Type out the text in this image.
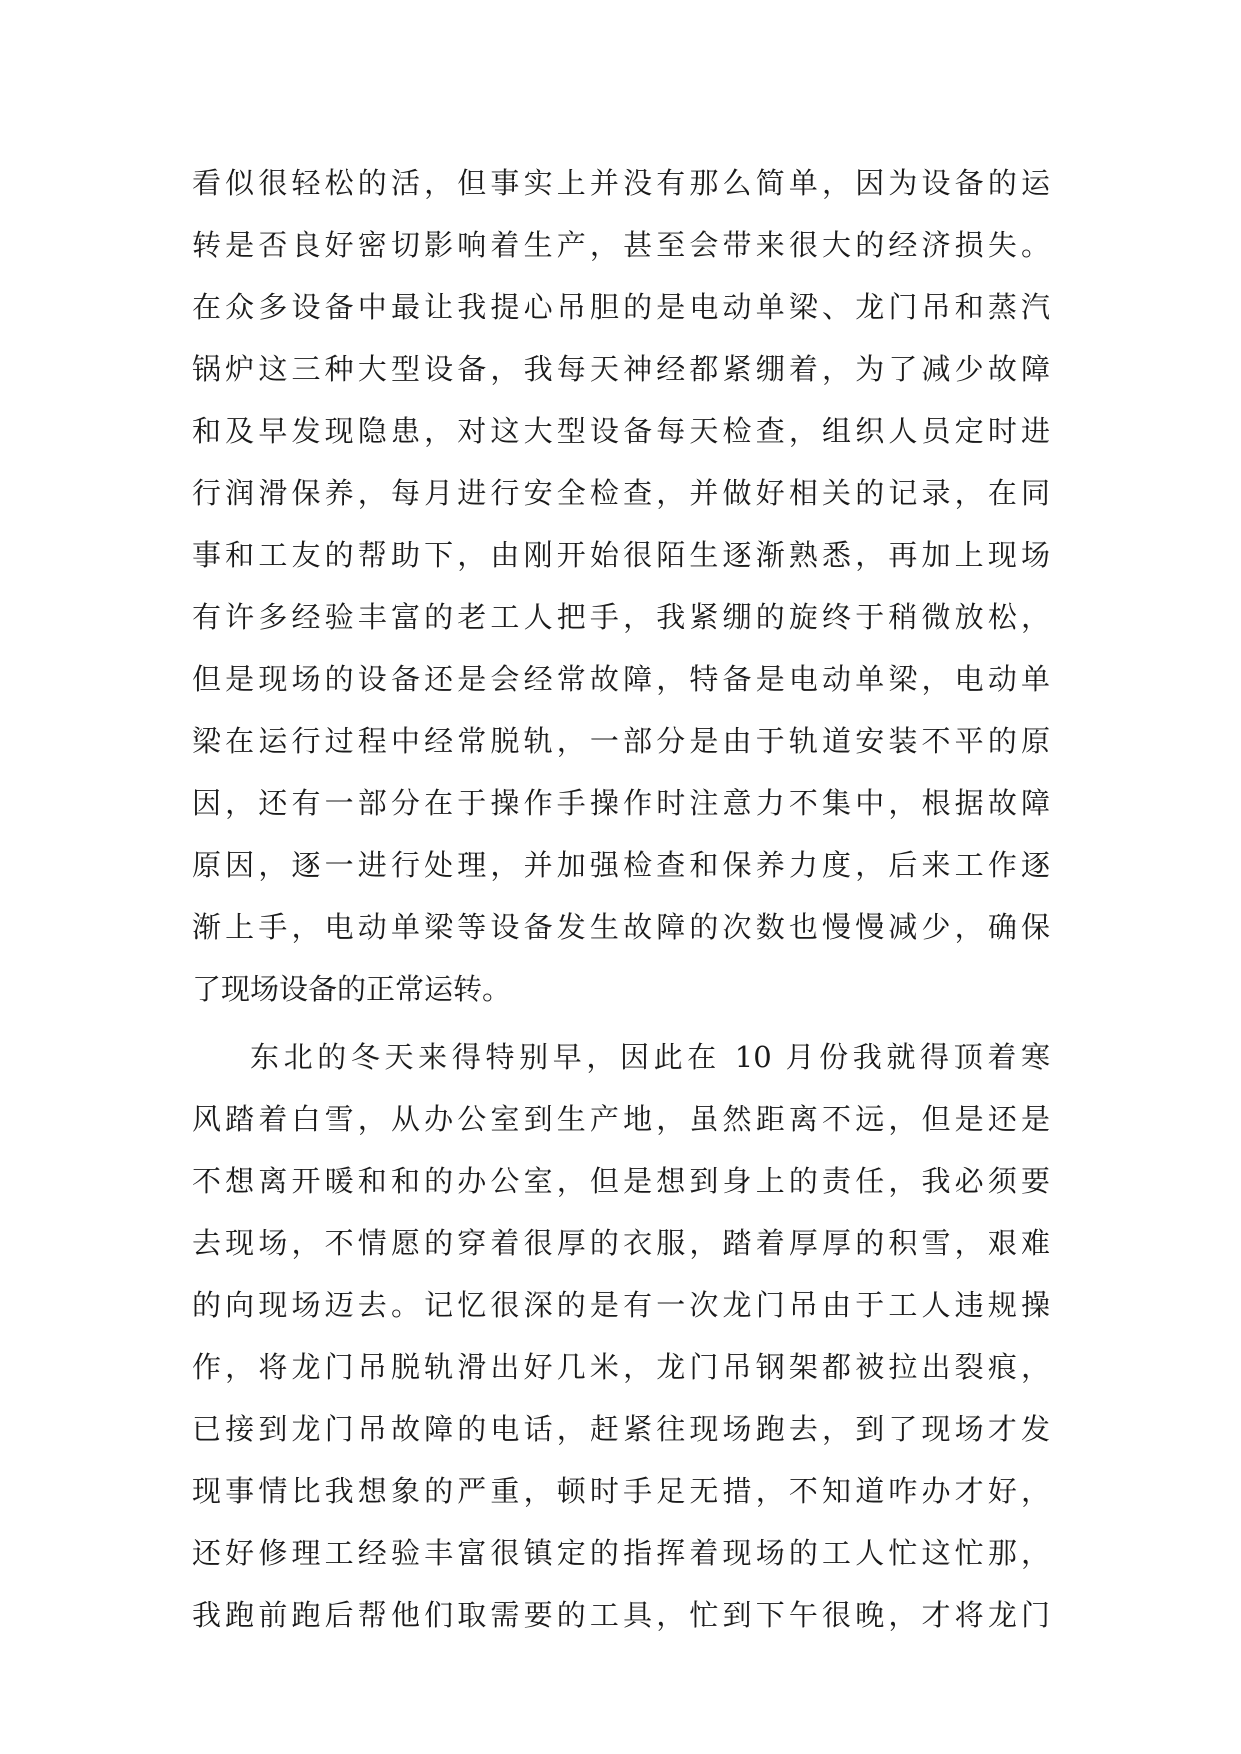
看似很轻松的活，但事实上并没有那么简单，因为设备的运
转是否良好密切影响着生产，甚至会带来很大的经济损失。
在众多设备中最让我提心吊胆的是电动单梁、龙门吊和蒸汽
锅炉这三种大型设备，我每天神经都紧绷着，为了减少故障
和及早发现隐患，对这大型设备每天检查，组织人员定时进
行润滑保养，每月进行安全检查，并做好相关的记录，在同
事和工友的帮助下，由刚开始很陌生逐渐熟悉，再加上现场
有许多经验丰富的老工人把手，我紧绷的旋终于稍微放松，
但是现场的设备还是会经常故障，特备是电动单梁，电动单
梁在运行过程中经常脱轨，一部分是由于轨道安装不平的原
因，还有一部分在于操作手操作时注意力不集中，根据故障
原因，逐一进行处理，并加强检查和保养力度，后来工作逐
渐上手，电动单梁等设备发生故障的次数也慢慢减少，确保
了现场设备的正常运转。
东北的冬天来得特别早，因此在 10 月份我就得顶着寒
风踏着白雪，从办公室到生产地，虽然距离不远，但是还是
不想离开暖和和的办公室，但是想到身上的责任，我必须要
去现场，不情愿的穿着很厚的衣服，踏着厚厚的积雪，艰难
的向现场迈去。记忆很深的是有一次龙门吊由于工人违规操
作，将龙门吊脱轨滑出好几米，龙门吊钢架都被拉出裂痕，
已接到龙门吊故障的电话，赶紧往现场跑去，到了现场才发
现事情比我想象的严重，顿时手足无措，不知道咋办才好，
还好修理工经验丰富很镇定的指挥着现场的工人忙这忙那，
我跑前跑后帮他们取需要的工具，忙到下午很晚，才将龙门
